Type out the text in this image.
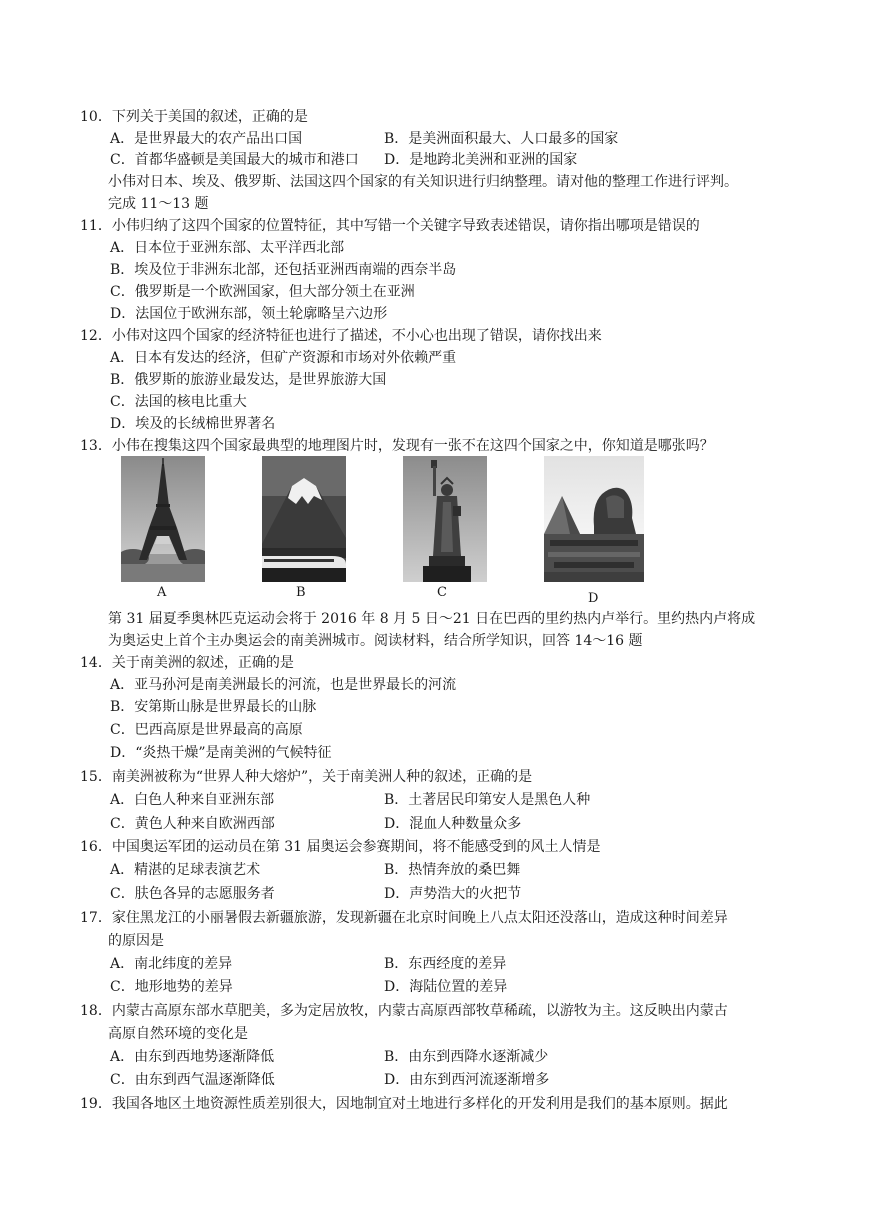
10．下列关于美国的叙述，正确的是
A．是世界最大的农产品出口国	B．是美洲面积最大、人口最多的国家
C．首都华盛顿是美国最大的城市和港口 D．是地跨北美洲和亚洲的国家
小伟对日本、埃及、俄罗斯、法国这四个国家的有关知识进行归纳整理。请对他的整理工作进行评判。
完成 11～13 题
11．小伟归纳了这四个国家的位置特征，其中写错一个关键字导致表述错误，请你指出哪项是错误的
A．日本位于亚洲东部、太平洋西北部
B．埃及位于非洲东北部，还包括亚洲西南端的西奈半岛
C．俄罗斯是一个欧洲国家，但大部分领土在亚洲
D．法国位于欧洲东部，领土轮廓略呈六边形
12．小伟对这四个国家的经济特征也进行了描述，不小心也出现了错误，请你找出来
A．日本有发达的经济，但矿产资源和市场对外依赖严重
B．俄罗斯的旅游业最发达，是世界旅游大国
C．法国的核电比重大
D．埃及的长绒棉世界著名
13．小伟在搜集这四个国家最典型的地理图片时，发现有一张不在这四个国家之中，你知道是哪张吗？
A	B	C	D
第 31 届夏季奥林匹克运动会将于 2016 年 8 月 5 日～21 日在巴西的里约热内卢举行。里约热内卢将成
为奥运史上首个主办奥运会的南美洲城市。阅读材料，结合所学知识，回答 14～16 题
14．关于南美洲的叙述，正确的是
A．亚马孙河是南美洲最长的河流，也是世界最长的河流
B．安第斯山脉是世界最长的山脉
C．巴西高原是世界最高的高原
D．“炎热干燥”是南美洲的气候特征
15．南美洲被称为“世界人种大熔炉”，关于南美洲人种的叙述，正确的是
A．白色人种来自亚洲东部	B．土著居民印第安人是黑色人种
C．黄色人种来自欧洲西部	D．混血人种数量众多
16．中国奥运军团的运动员在第 31 届奥运会参赛期间，将不能感受到的风土人情是
A．精湛的足球表演艺术	B．热情奔放的桑巴舞
C．肤色各异的志愿服务者	D．声势浩大的火把节
17．家住黑龙江的小丽暑假去新疆旅游，发现新疆在北京时间晚上八点太阳还没落山，造成这种时间差异
的原因是
A．南北纬度的差异	B．东西经度的差异
C．地形地势的差异	D．海陆位置的差异
18．内蒙古高原东部水草肥美，多为定居放牧，内蒙古高原西部牧草稀疏，以游牧为主。这反映出内蒙古
高原自然环境的变化是
A．由东到西地势逐渐降低	B．由东到西降水逐渐减少
C．由东到西气温逐渐降低	D．由东到西河流逐渐增多
19．我国各地区土地资源性质差别很大，因地制宜对土地进行多样化的开发利用是我们的基本原则。据此
